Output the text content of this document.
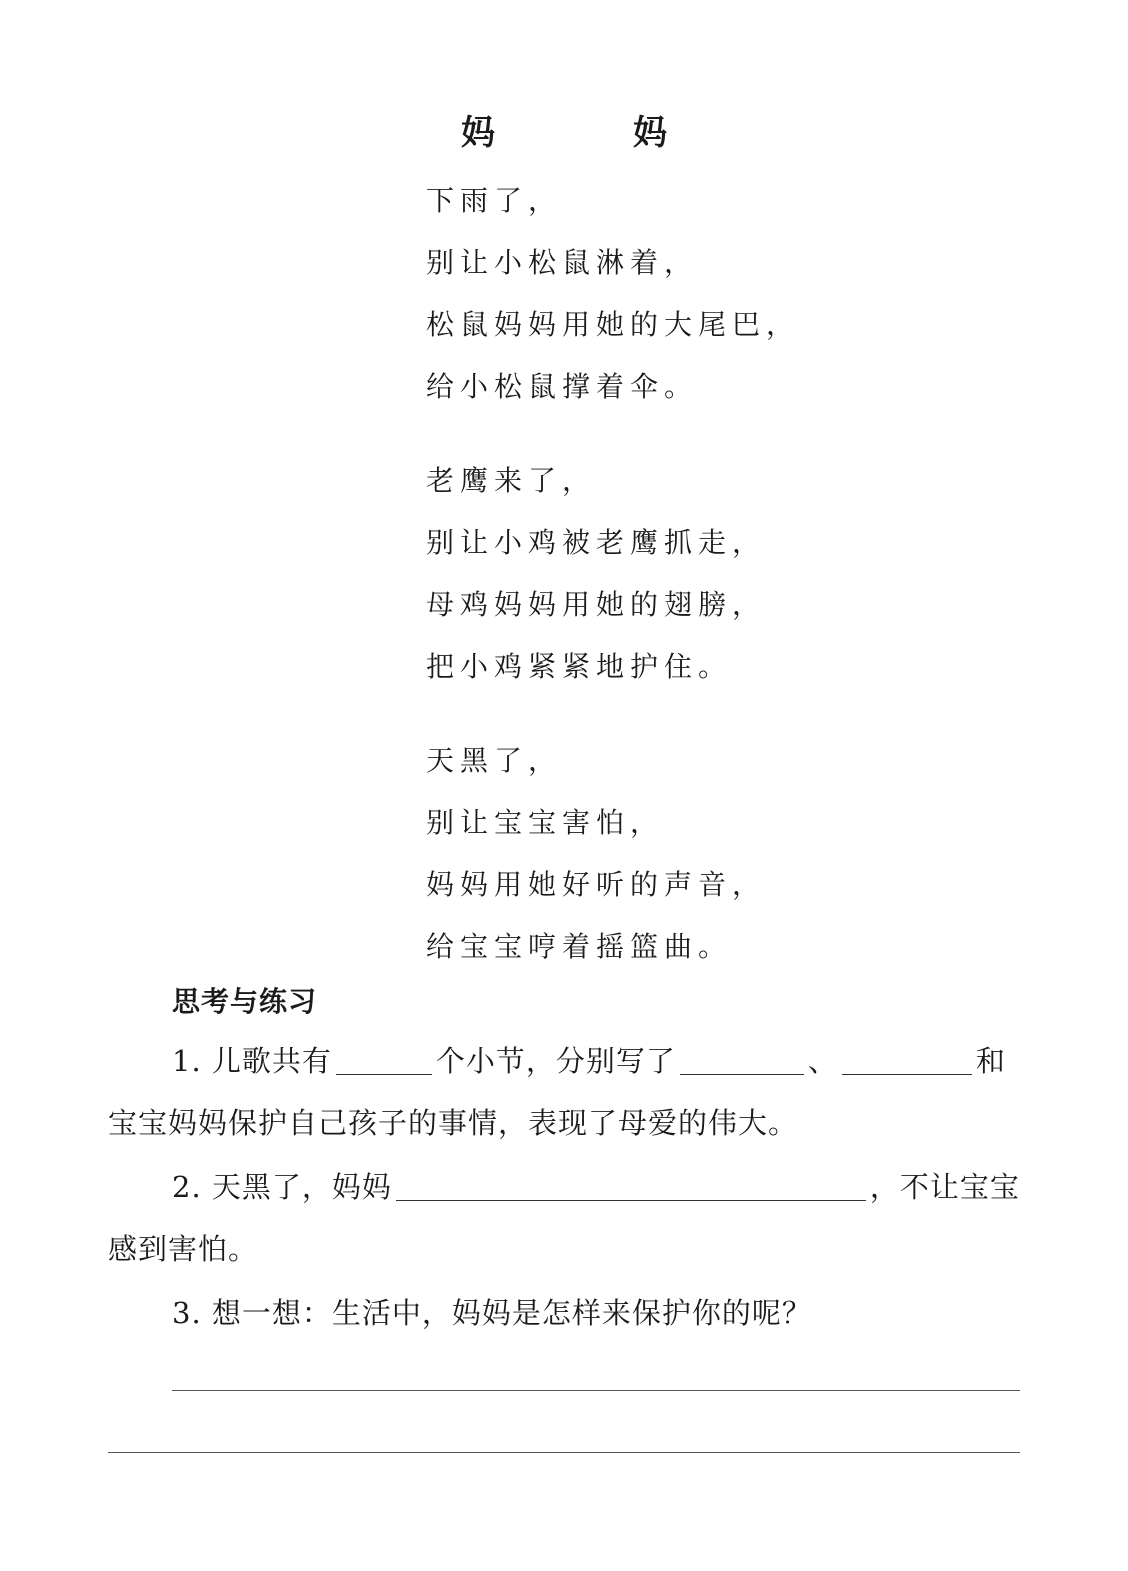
妈　妈
下雨了，
别让小松鼠淋着，
松鼠妈妈用她的大尾巴，
给小松鼠撑着伞。
老鹰来了，
别让小鸡被老鹰抓走，
母鸡妈妈用她的翅膀，
把小鸡紧紧地护住。
天黑了，
别让宝宝害怕，
妈妈用她好听的声音，
给宝宝哼着摇篮曲。
思考与练习
1. 儿歌共有	个小节，分别写了	、	和
宝宝妈妈保护自己孩子的事情，表现了母爱的伟大。
2. 天黑了，妈妈	，不让宝宝
感到害怕。
3. 想一想：生活中，妈妈是怎样来保护你的呢？
